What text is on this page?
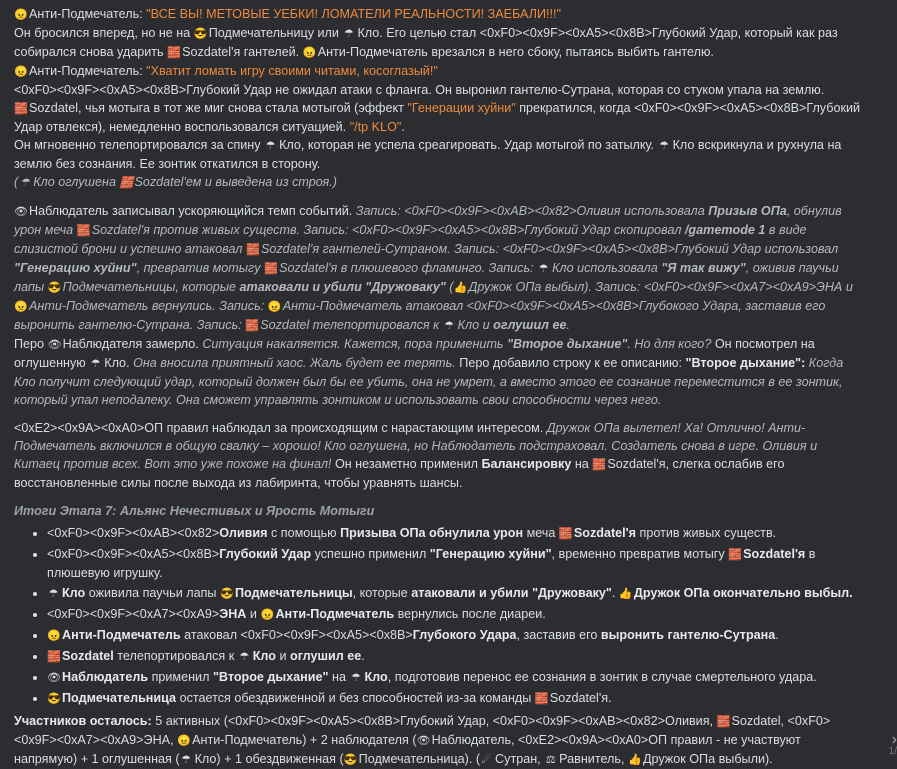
😠Анти-Подмечатель: "ВСЕ ВЫ! МЕТОВЫЕ УЕБКИ! ЛОМАТЕЛИ РЕАЛЬНОСТИ! ЗАЕБАЛИ!!!"

Он бросился вперед, но не на 😎Подмечательницу или ☂ Кло. Его целью стал <0xF0><0x9F><0xA5><0x8B>Глубокий Удар, который как раз собирался снова ударить 🧱Sozdatel'я гантелей. 😠Анти-Подмечатель врезался в него сбоку, пытаясь выбить гантелю.

😠Анти-Подмечатель: "Хватит ломать игру своими читами, косоглазый!"

<0xF0><0x9F><0xA5><0x8B>Глубокий Удар не ожидал атаки с фланга. Он выронил гантелю-Сутрана, которая со стуком упала на землю.

🧱Sozdatel, чья мотыга в тот же миг снова стала мотыгой (эффект "Генерации хуйни" прекратился, когда <0xF0><0x9F><0xA5><0x8B>Глубокий Удар отвлекся), немедленно воспользовался ситуацией. "/tp KLO".

Он мгновенно телепортировался за спину ☂ Кло, которая не успела среагировать. Удар мотыгой по затылку. ☂ Кло вскрикнула и рухнула на землю без сознания. Ее зонтик откатился в сторону.

( ☂ Кло оглушена 🧱Sozdatel'ем и выведена из строя.)

👁Наблюдатель записывал ускоряющийся темп событий. Запись: <0xF0><0x9F><0xAB><0x82>Оливия использовала Призыв ОПа, обнулив урон меча 🧱Sozdatel'я против живых существ. Запись: <0xF0><0x9F><0xA5><0x8B>Глубокий Удар скопировал /gamemode 1 в виде слизистой брони и успешно атаковал 🧱Sozdatel'я гантелей-Сутраном. Запись: <0xF0><0x9F><0xA5><0x8B>Глубокий Удар использовал "Генерацию хуйни", превратив мотыгу 🧱Sozdatel'я в плюшевого фламинго. Запись: ☂ Кло использовала "Я так вижу", оживив паучьи лапы 😎Подмечательницы, которые атаковали и убили "Дружоваку" (👍Дружок ОПа выбыл). Запись: <0xF0><0x9F><0xA7><0xA9>ЭНА и 😠Анти-Подмечатель вернулись. Запись: 😠Анти-Подмечатель атаковал <0xF0><0x9F><0xA5><0x8B>Глубокого Удара, заставив его выронить гантелю-Сутрана. Запись: 🧱Sozdatel телепортировался к ☂ Кло и оглушил ее.

Перо 👁Наблюдателя замерло. Ситуация накаляется. Кажется, пора применить "Второе дыхание". Но для кого? Он посмотрел на оглушенную ☂ Кло. Она вносила приятный хаос. Жаль будет ее терять. Перо добавило строку к ее описанию: "Второе дыхание": Когда Кло получит следующий удар, который должен был бы ее убить, она не умрет, а вместо этого ее сознание переместится в ее зонтик, который упал неподалеку. Она сможет управлять зонтиком и использовать свои способности через него.

<0xE2><0x9A><0xA0>ОП правил наблюдал за происходящим с нарастающим интересом. Дружок ОПа вылетел! Ха! Отлично! Анти-Подмечатель включился в общую свалку – хорошо! Кло оглушена, но Наблюдатель подстраховал. Создатель снова в игре. Оливия и Китаец против всех. Вот это уже похоже на финал! Он незаметно применил Балансировку на 🧱Sozdatel'я, слегка ослабив его восстановленные силы после выхода из лабиринта, чтобы уравнять шансы.

Итоги Этапа 7: Альянс Нечестивых и Ярость Мотыги

• <0xF0><0x9F><0xAB><0x82>Оливия с помощью Призыва ОПа обнулила урон меча 🧱Sozdatel'я против живых существ.
• <0xF0><0x9F><0xA5><0x8B>Глубокий Удар успешно применил "Генерацию хуйни", временно превратив мотыгу 🧱Sozdatel'я в плюшевую игрушку.
• ☂ Кло оживила паучьи лапы 😎Подмечательницы, которые атаковали и убили "Дружоваку". 👍Дружок ОПа окончательно выбыл.
• <0xF0><0x9F><0xA7><0xA9>ЭНА и 😠Анти-Подмечатель вернулись после диареи.
• 😠Анти-Подмечатель атаковал <0xF0><0x9F><0xA5><0x8B>Глубокого Удара, заставив его выронить гантелю-Сутрана.
• 🧱Sozdatel телепортировался к ☂ Кло и оглушил ее.
• 👁Наблюдатель применил "Второе дыхание" на ☂ Кло, подготовив перенос ее сознания в зонтик в случае смертельного удара.
• 😎Подмечательница остается обездвиженной и без способностей из-за команды 🧱Sozdatel'я.

Участников осталось: 5 активных (<0xF0><0x9F><0xA5><0x8B>Глубокий Удар, <0xF0><0x9F><0xAB><0x82>Оливия, 🧱Sozdatel, <0xF0><0x9F><0xA7><0xA9>ЭНА, 😠Анти-Подмечатель) + 2 наблюдателя (👁Наблюдатель, <0xE2><0x9A><0xA0>ОП правил - не участвуют напрямую) + 1 оглушенная ( ☂ Кло) + 1 обездвиженная (😎Подмечательница). ( ☄ Сутран, ⚖ Равнитель, 👍Дружок ОПа выбыли).

›
1/
